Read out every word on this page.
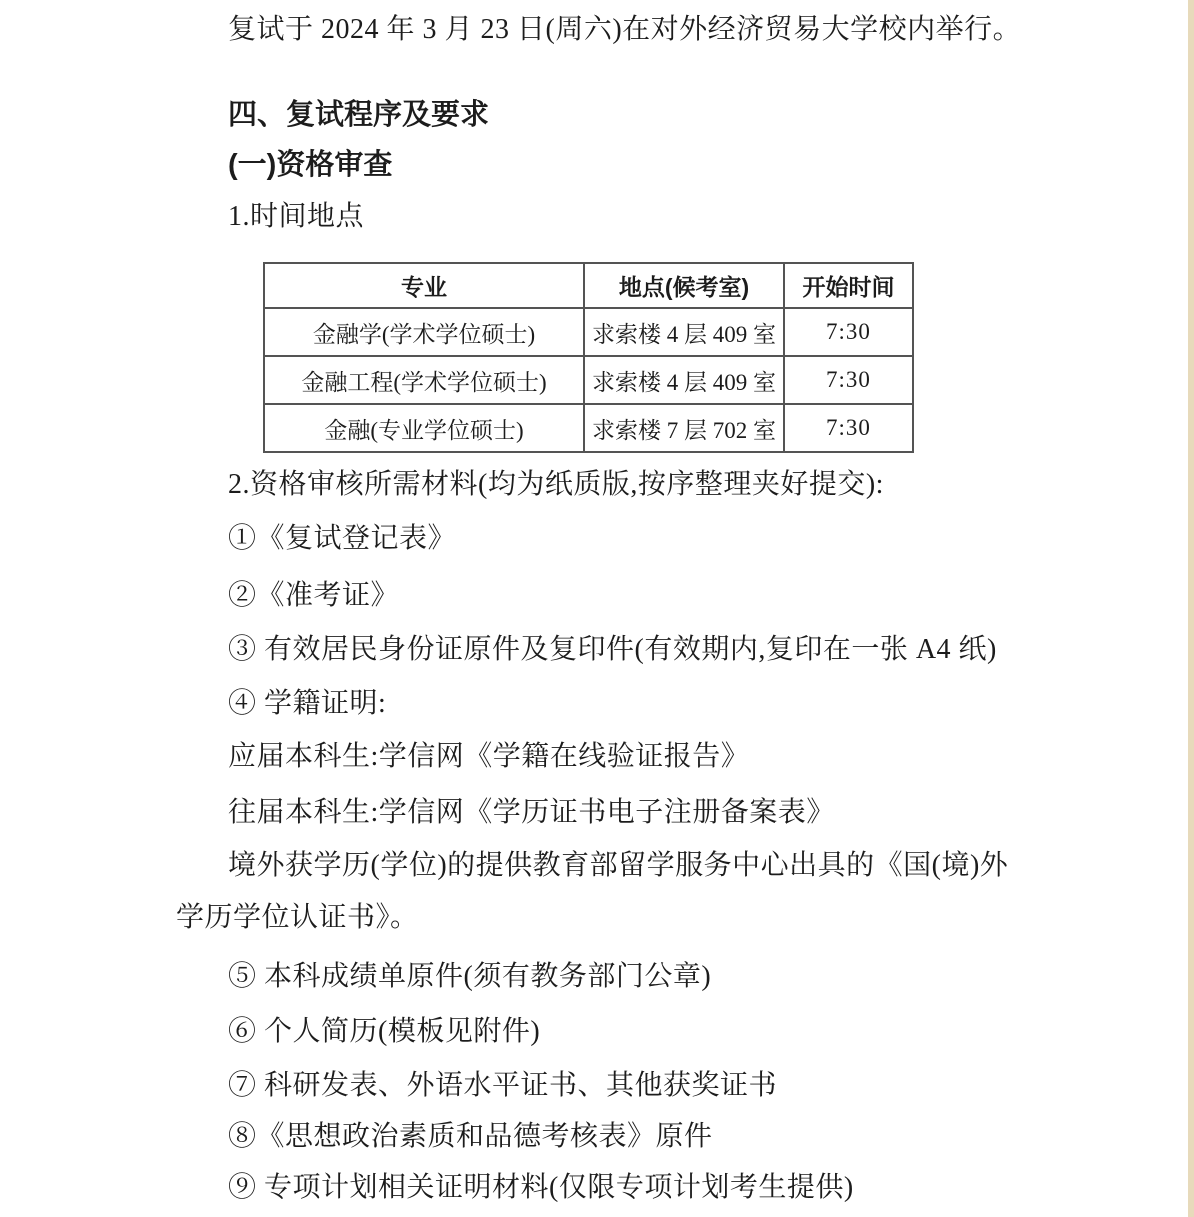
复试于 2024 年 3 月 23 日(周六)在对外经济贸易大学校内举行。
四、复试程序及要求
(一)资格审查
1.时间地点
专业	地点(候考室)	开始时间
金融学(学术学位硕士)	求索楼 4 层 409 室	7:30
金融工程(学术学位硕士)	求索楼 4 层 409 室	7:30
金融(专业学位硕士)	求索楼 7 层 702 室	7:30
2.资格审核所需材料(均为纸质版,按序整理夹好提交):
①《复试登记表》
②《准考证》
③ 有效居民身份证原件及复印件(有效期内,复印在一张 A4 纸)
④ 学籍证明:
应届本科生:学信网《学籍在线验证报告》
往届本科生:学信网《学历证书电子注册备案表》
境外获学历(学位)的提供教育部留学服务中心出具的《国(境)外
学历学位认证书》。
⑤ 本科成绩单原件(须有教务部门公章)
⑥ 个人简历(模板见附件)
⑦ 科研发表、外语水平证书、其他获奖证书
⑧《思想政治素质和品德考核表》原件
⑨ 专项计划相关证明材料(仅限专项计划考生提供)
